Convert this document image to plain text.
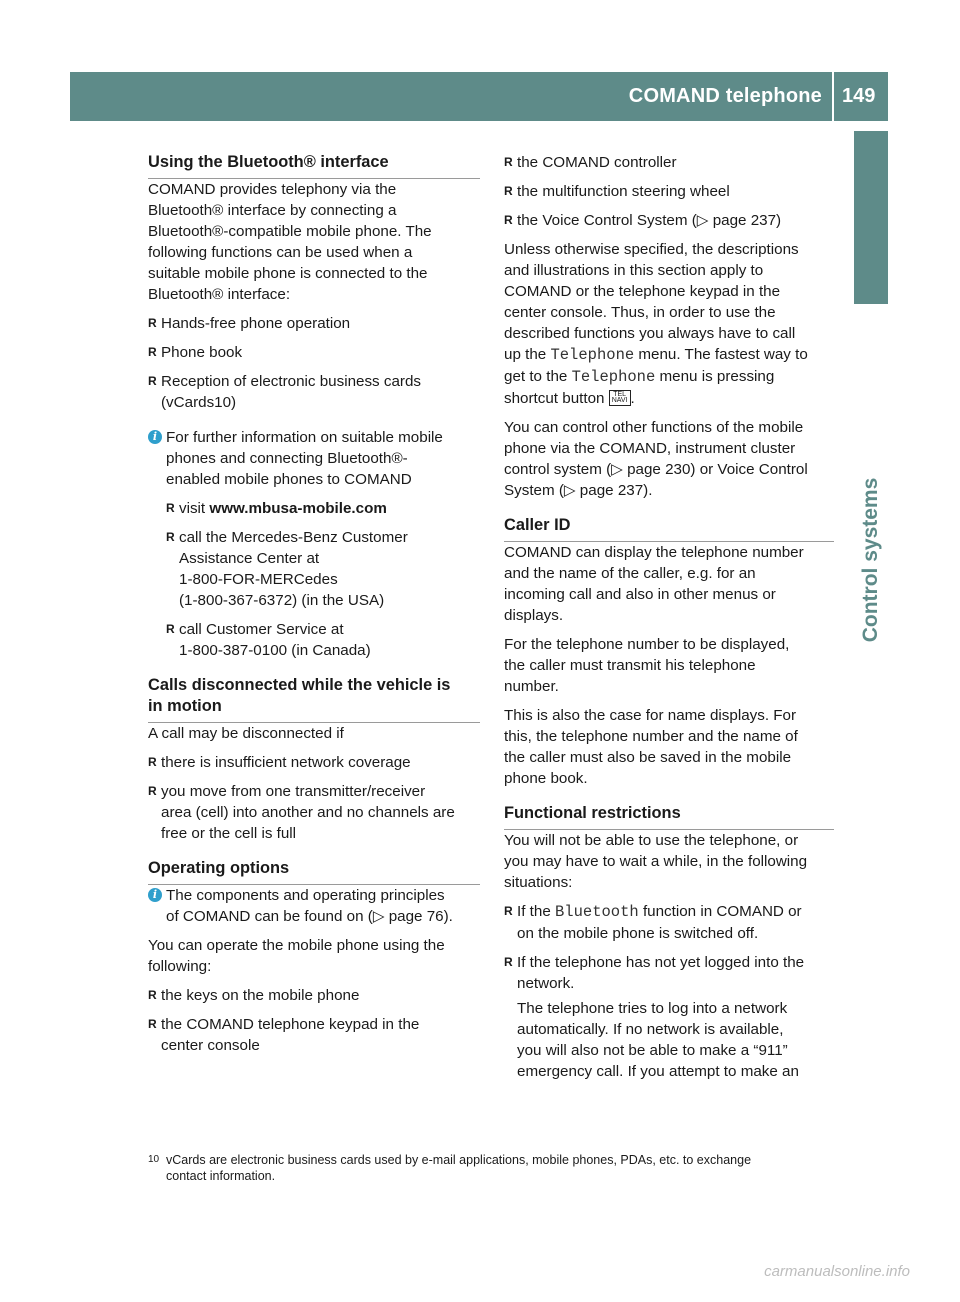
COMAND telephone 149
Control systems

Using the Bluetooth® interface

COMAND provides telephony via the
Bluetooth® interface by connecting a
Bluetooth®-compatible mobile phone. The
following functions can be used when a
suitable mobile phone is connected to the
Bluetooth® interface:

R Hands-free phone operation

R Phone book

R Reception of electronic business cards
(vCards10)

i For further information on suitable mobile
phones and connecting Bluetooth®-
enabled mobile phones to COMAND

R visit www.mbusa-mobile.com

R call the Mercedes-Benz Customer
Assistance Center at
1-800-FOR-MERCedes
(1-800-367-6372) (in the USA)

R call Customer Service at
1-800-387-0100 (in Canada)

Calls disconnected while the vehicle is
in motion

A call may be disconnected if

R there is insufficient network coverage

R you move from one transmitter/receiver
area (cell) into another and no channels are
free or the cell is full

Operating options

i The components and operating principles
of COMAND can be found on (▷ page 76).

You can operate the mobile phone using the
following:

R the keys on the mobile phone

R the COMAND telephone keypad in the
center console

R the COMAND controller

R the multifunction steering wheel

R the Voice Control System (▷ page 237)

Unless otherwise specified, the descriptions
and illustrations in this section apply to
COMAND or the telephone keypad in the
center console. Thus, in order to use the
described functions you always have to call
up the Telephone menu. The fastest way to
get to the Telephone menu is pressing
shortcut button TEL
NAVI .

You can control other functions of the mobile
phone via the COMAND, instrument cluster
control system (▷ page 230) or Voice Control
System (▷ page 237).

Caller ID

COMAND can display the telephone number
and the name of the caller, e.g. for an
incoming call and also in other menus or
displays.

For the telephone number to be displayed,
the caller must transmit his telephone
number.

This is also the case for name displays. For
this, the telephone number and the name of
the caller must also be saved in the mobile
phone book.

Functional restrictions

You will not be able to use the telephone, or
you may have to wait a while, in the following
situations:

R If the Bluetooth function in COMAND or
on the mobile phone is switched off.

R If the telephone has not yet logged into the
network.

The telephone tries to log into a network
automatically. If no network is available,
you will also not be able to make a “911”
emergency call. If you attempt to make an

10 vCards are electronic business cards used by e-mail applications, mobile phones, PDAs, etc. to exchange
contact information.
carmanualsonline.info
